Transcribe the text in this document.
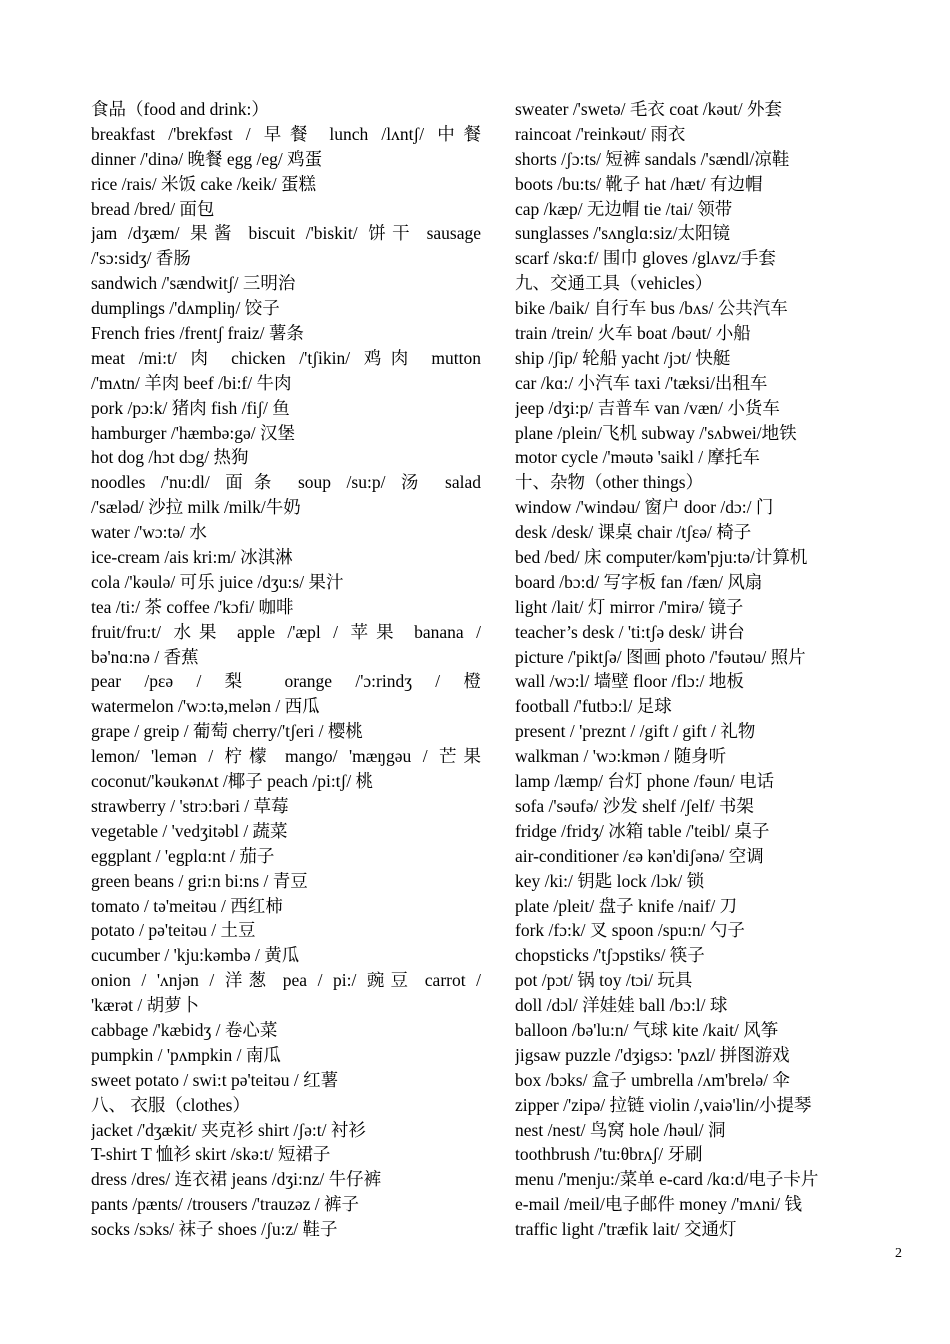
食品（food and drink:）
breakfast /'brekfəst / 早餐 lunch /lʌntʃ/ 中餐
dinner /'dinə/ 晚餐 egg /eg/ 鸡蛋
rice /rais/ 米饭 cake /keik/ 蛋糕
bread /bred/ 面包
jam /dʒæm/ 果酱 biscuit /'biskit/ 饼干 sausage
/'sɔ:sidʒ/ 香肠
sandwich /'sændwitʃ/ 三明治
dumplings /'dʌmpliŋ/ 饺子
French fries /frentʃ fraiz/ 薯条
meat /mi:t/ 肉 chicken /'tʃikin/ 鸡肉 mutton
/'mʌtn/ 羊肉 beef /bi:f/ 牛肉
pork /pɔ:k/ 猪肉 fish /fiʃ/ 鱼
hamburger /'hæmbə:gə/ 汉堡
hot dog /hɔt dɔg/ 热狗
noodles /'nu:dl/ 面条 soup /su:p/ 汤 salad
/'sæləd/ 沙拉 milk /milk/牛奶
water /'wɔ:tə/ 水
ice-cream /ais kri:m/ 冰淇淋
cola /'kəulə/ 可乐 juice /dʒu:s/ 果汁
tea /ti:/ 茶 coffee /'kɔfi/ 咖啡
fruit/fru:t/ 水果 apple /'æpl / 苹果 banana /
bə'nɑ:nə / 香蕉
pear /pɛə / 梨 orange /'ɔ:rindʒ / 橙
watermelon /'wɔ:tə,melən / 西瓜
grape / greip / 葡萄 cherry/'tʃeri / 樱桃
lemon/ 'lemən / 柠檬 mango/ 'mæŋgəu / 芒果
coconut/'kəukənʌt /椰子 peach /pi:tʃ/ 桃
strawberry / 'strɔ:bəri / 草莓
vegetable / 'vedʒitəbl / 蔬菜
eggplant / 'egplɑ:nt / 茄子
green beans / gri:n bi:ns / 青豆
tomato / tə'meitəu / 西红柿
potato / pə'teitəu / 土豆
cucumber / 'kju:kəmbə / 黄瓜
onion / 'ʌnjən / 洋葱 pea / pi:/ 豌豆 carrot /
'kærət / 胡萝卜
cabbage /'kæbidʒ / 卷心菜
pumpkin / 'pʌmpkin / 南瓜
sweet potato / swi:t pə'teitəu / 红薯
八、 衣服（clothes）
jacket /'dʒækit/ 夹克衫 shirt /ʃə:t/ 衬衫
T-shirt T 恤衫 skirt /skə:t/ 短裙子
dress /dres/ 连衣裙 jeans /dʒi:nz/ 牛仔裤
pants /pænts/ /trousers /'trauzəz / 裤子
socks /sɔks/ 袜子 shoes /ʃu:z/ 鞋子
sweater /'swetə/ 毛衣 coat /kəut/ 外套
raincoat /'reinkəut/ 雨衣
shorts /ʃɔ:ts/ 短裤 sandals /'sændl/凉鞋
boots /bu:ts/ 靴子 hat /hæt/ 有边帽
cap /kæp/ 无边帽 tie /tai/ 领带
sunglasses /'sʌnglɑ:siz/太阳镜
scarf /skɑ:f/ 围巾 gloves /glʌvz/手套
九、交通工具（vehicles）
bike /baik/ 自行车 bus /bʌs/ 公共汽车
train /trein/ 火车 boat /bəut/ 小船
ship /ʃip/ 轮船 yacht /jɔt/ 快艇
car /kɑ:/ 小汽车 taxi /'tæksi/出租车
jeep /dʒi:p/ 吉普车 van /væn/ 小货车
plane /plein/飞机 subway /'sʌbwei/地铁
motor cycle /'məutə 'saikl / 摩托车
十、杂物（other things）
window /'windəu/ 窗户 door /dɔ:/ 门
desk /desk/ 课桌 chair /tʃɛə/ 椅子
bed /bed/ 床 computer/kəm'pju:tə/计算机
board /bɔ:d/ 写字板 fan /fæn/ 风扇
light /lait/ 灯 mirror /'mirə/ 镜子
teacher’s desk / 'ti:tʃə desk/ 讲台
picture /'piktʃə/ 图画 photo /'fəutəu/ 照片
wall /wɔ:l/ 墙壁 floor /flɔ:/ 地板
football /'futbɔ:l/ 足球
present / 'preznt / /gift / gift / 礼物
walkman / 'wɔ:kmən / 随身听
lamp /læmp/ 台灯 phone /fəun/ 电话
sofa /'səufə/ 沙发 shelf /ʃelf/ 书架
fridge /fridʒ/ 冰箱 table /'teibl/ 桌子
air-conditioner /ɛə kən'diʃənə/ 空调
key /ki:/ 钥匙 lock /lɔk/ 锁
plate /pleit/ 盘子 knife /naif/ 刀
fork /fɔ:k/ 叉 spoon /spu:n/ 勺子
chopsticks /'tʃɔpstiks/ 筷子
pot /pɔt/ 锅 toy /tɔi/ 玩具
doll /dɔl/ 洋娃娃 ball /bɔ:l/ 球
balloon /bə'lu:n/ 气球 kite /kait/ 风筝
jigsaw puzzle /'dʒigsɔ: 'pʌzl/ 拼图游戏
box /bɔks/ 盒子 umbrella /ʌm'brelə/ 伞
zipper /'zipə/ 拉链 violin /,vaiə'lin/小提琴
nest /nest/ 鸟窝 hole /həul/ 洞
toothbrush /'tu:θbrʌʃ/ 牙刷
menu /'menju:/菜单 e-card /kɑ:d/电子卡片
e-mail /meil/电子邮件 money /'mʌni/ 钱
traffic light /'træfik lait/ 交通灯
2
